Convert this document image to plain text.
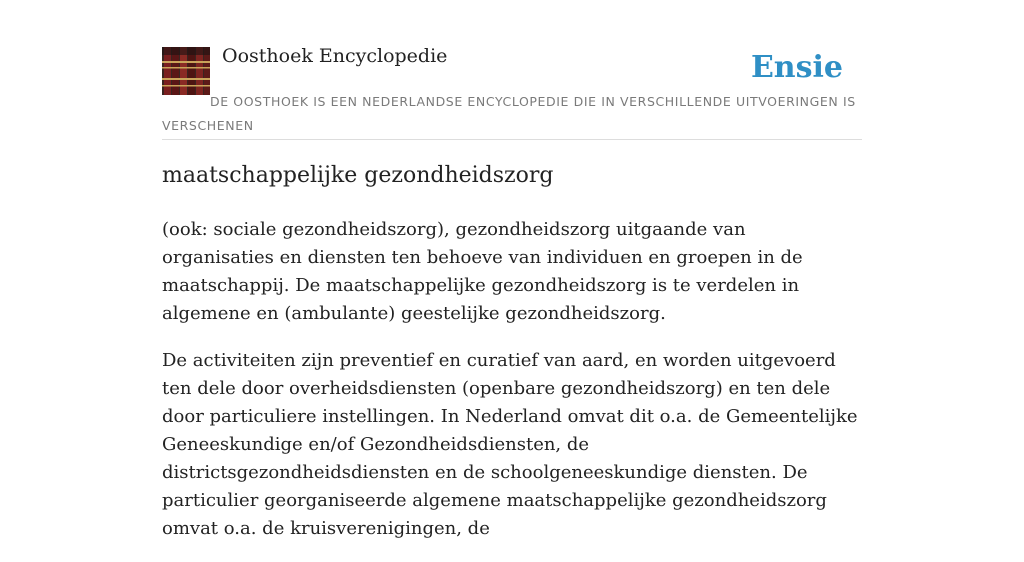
Oosthoek Encyclopedie	Ensie
DE OOSTHOEK IS EEN NEDERLANDSE ENCYCLOPEDIE DIE IN VERSCHILLENDE UITVOERINGEN IS VERSCHENEN
maatschappelijke gezondheidszorg

(ook: sociale gezondheidszorg), gezondheidszorg uitgaande van organisaties en diensten ten behoeve van individuen en groepen in de maatschappij. De maatschappelijke gezondheidszorg is te verdelen in algemene en (ambulante) geestelijke gezondheidszorg.

De activiteiten zijn preventief en curatief van aard, en worden uitgevoerd ten dele door overheidsdiensten (openbare gezondheidszorg) en ten dele door particuliere instellingen. In Nederland omvat dit o.a. de Gemeentelijke Geneeskundige en/of Gezondheidsdiensten, de districtsgezondheidsdiensten en de schoolgeneeskundige diensten. De particulier georganiseerde algemene maatschappelijke gezondheidszorg omvat o.a. de kruisverenigingen, de
